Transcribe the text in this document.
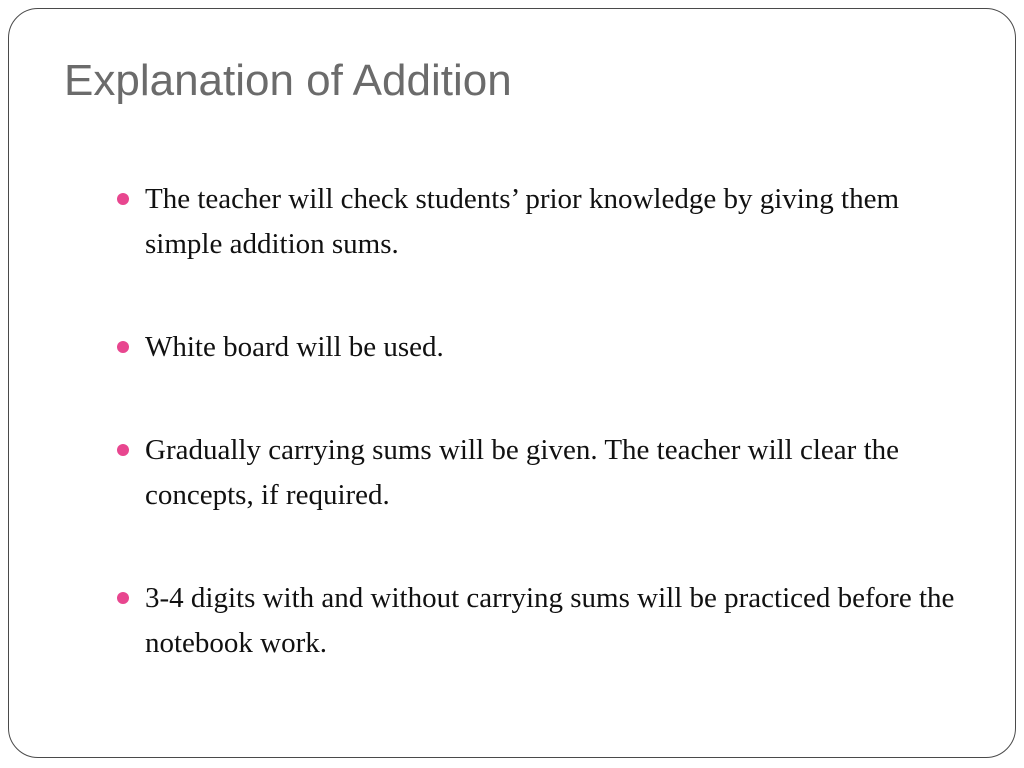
Explanation of Addition
The teacher will check students’ prior knowledge by giving them simple addition sums.
White board will be used.
Gradually carrying sums will be given. The teacher will clear the concepts, if required.
3-4 digits with and without carrying sums will be practiced before the notebook work.
